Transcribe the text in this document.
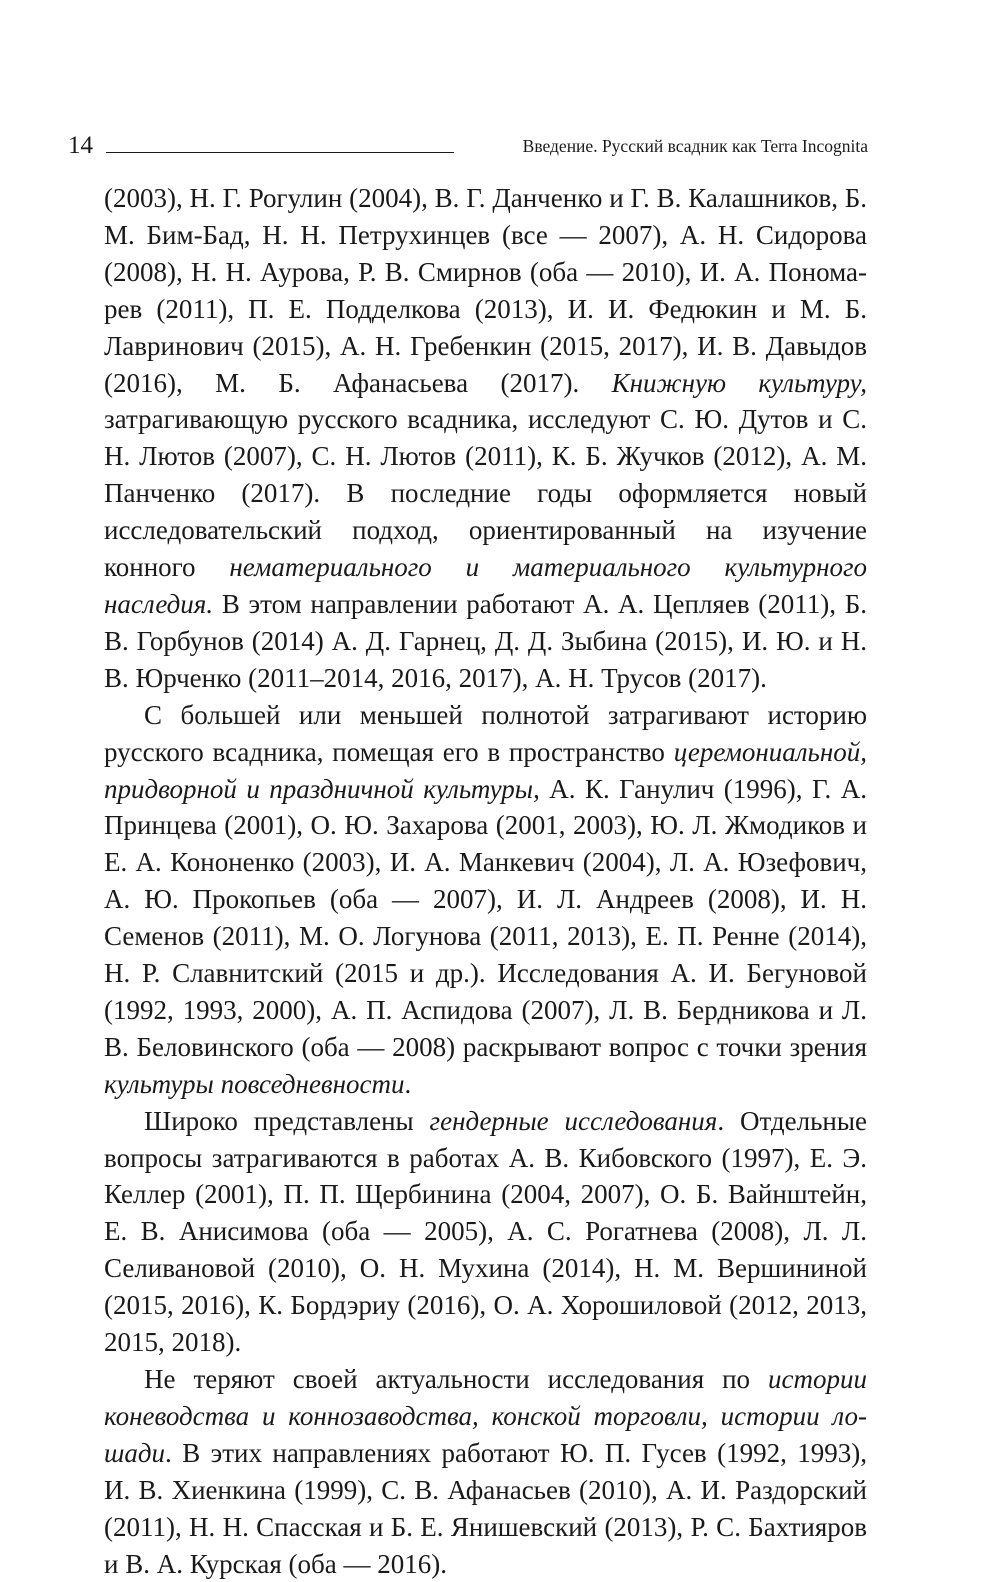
14	Введение. Русский всадник как Terra Incognita

(2003), Н. Г. Рогулин (2004), В. Г. Данченко и Г. В. Калашников, Б. М. Бим-Бад, Н. Н. Петрухинцев (все — 2007), А. Н. Сидорова (2008), Н. Н. Аурова, Р. В. Смирнов (оба — 2010), И. А. Пономарев (2011), П. Е. Подделкова (2013), И. И. Федюкин и М. Б. Лавринович (2015), А. Н. Гребенкин (2015, 2017), И. В. Давыдов (2016), М. Б. Афанасьева (2017). Книжную культуру, затрагивающую русского всадника, исследуют С. Ю. Дутов и С. Н. Лютов (2007), С. Н. Лютов (2011), К. Б. Жучков (2012), А. М. Панченко (2017). В последние годы оформляется новый исследовательский подход, ориентированный на изучение конного нематериального и материального культурного наследия. В этом направлении работают А. А. Цепляев (2011), Б. В. Горбунов (2014) А. Д. Гарнец, Д. Д. Зыбина (2015), И. Ю. и Н. В. Юрченко (2011–2014, 2016, 2017), А. Н. Трусов (2017).

С большей или меньшей полнотой затрагивают историю русского всадника, помещая его в пространство церемониальной, придворной и праздничной культуры, А. К. Ганулич (1996), Г. А. Принцева (2001), О. Ю. Захарова (2001, 2003), Ю. Л. Жмодиков и Е. А. Кононенко (2003), И. А. Манкевич (2004), Л. А. Юзефович, А. Ю. Прокопьев (оба — 2007), И. Л. Андреев (2008), И. Н. Семенов (2011), М. О. Логунова (2011, 2013), Е. П. Ренне (2014), Н. Р. Славнитский (2015 и др.). Исследования А. И. Бегуновой (1992, 1993, 2000), А. П. Аспидова (2007), Л. В. Бердникова и Л. В. Беловинского (оба — 2008) раскрывают вопрос с точки зрения культуры повседневности.

Широко представлены гендерные исследования. Отдельные вопросы затрагиваются в работах А. В. Кибовского (1997), Е. Э. Келлер (2001), П. П. Щербинина (2004, 2007), О. Б. Вайнштейн, Е. В. Анисимова (оба — 2005), А. С. Рогатнева (2008), Л. Л. Селивановой (2010), О. Н. Мухина (2014), Н. М. Вершининой (2015, 2016), К. Бордэриу (2016), О. А. Хорошиловой (2012, 2013, 2015, 2018).

Не теряют своей актуальности исследования по истории коневодства и коннозаводства, конской торговли, истории лошади. В этих направлениях работают Ю. П. Гусев (1992, 1993), И. В. Хиенкина (1999), С. В. Афанасьев (2010), А. И. Раздорский (2011), Н. Н. Спасская и Б. Е. Янишевский (2013), Р. С. Бахтияров и В. А. Курская (оба — 2016).
